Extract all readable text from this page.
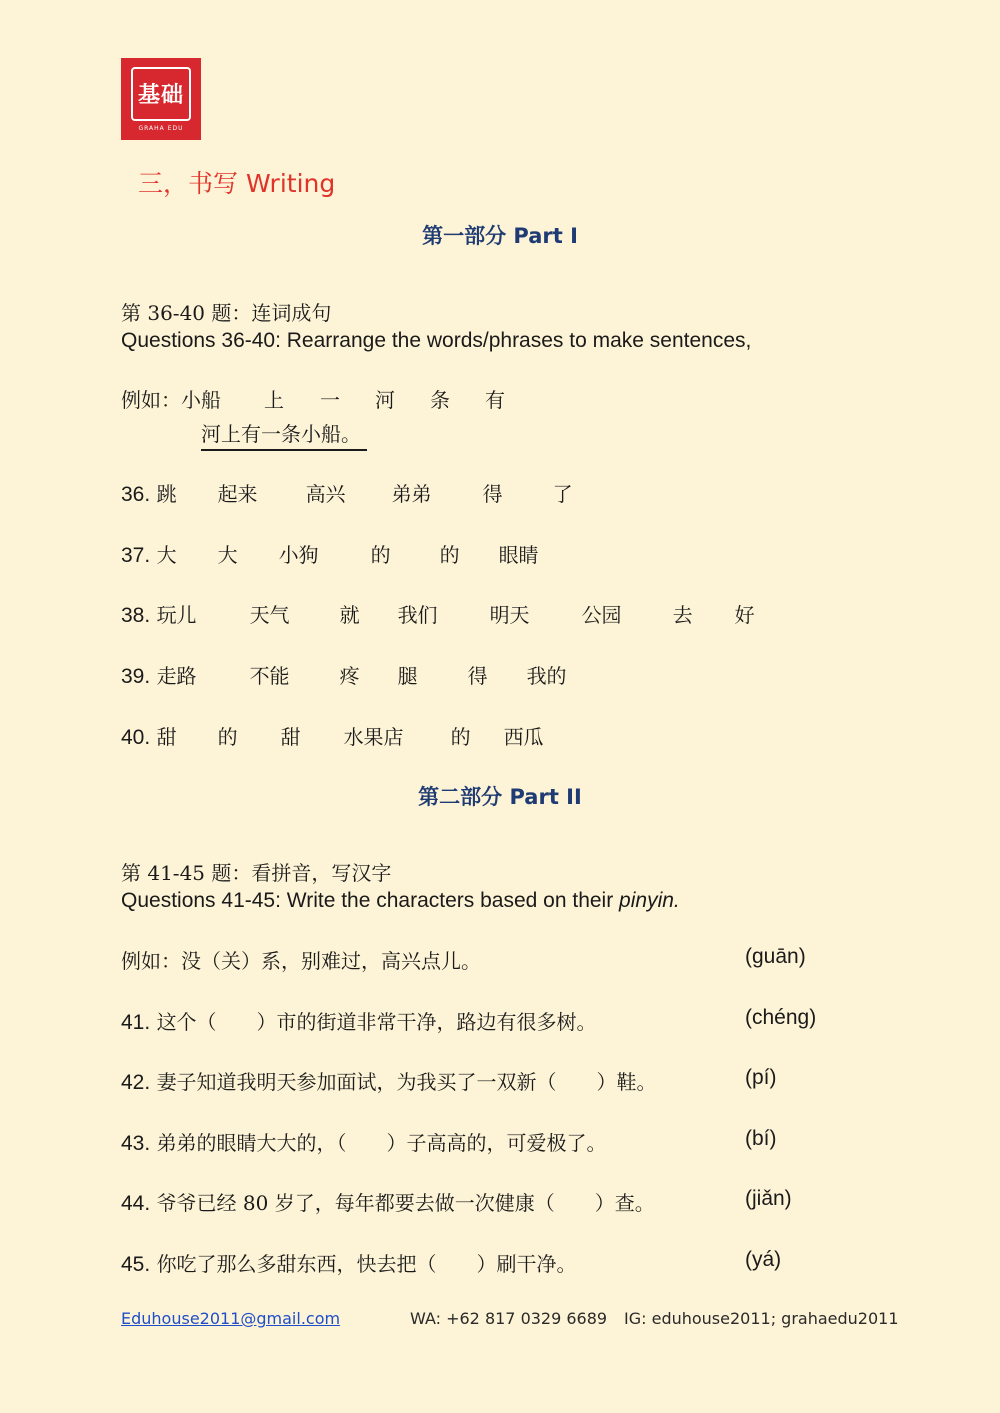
基础
GRAHA EDU
三，书写 Writing
第一部分 Part I
第 36-40 题：连词成句
Questions 36-40: Rearrange the words/phrases to make sentences,
例如： 小船 上 一 河 条 有
河上有一条小船。
36. 跳 起来 高兴 弟弟	得	了
37. 大 大 小狗	的 的 眼睛
38. 玩儿	天气	就 我们	明天	公园	去 好
39. 走路	不能	疼 腿	得 我的
40. 甜 的 甜 水果店 的 西瓜
第二部分 Part II
第 41-45 题：看拼音，写汉字
Questions 41-45: Write the characters based on their pinyin.
例如：没（关）系，别难过，高兴点儿。	(guān)
41. 这个（　　）市的街道非常干净，路边有很多树。	(chéng)
42. 妻子知道我明天参加面试，为我买了一双新（　　）鞋。	(pí)
43. 弟弟的眼睛大大的，（　　）子高高的，可爱极了。	(bí)
44. 爷爷已经 80 岁了，每年都要去做一次健康（　　）查。	(jiǎn)
45. 你吃了那么多甜东西，快去把（　　）刷干净。	(yá)
Eduhouse2011@gmail.com	WA: +62 817 0329 6689 IG: eduhouse2011; grahaedu2011
